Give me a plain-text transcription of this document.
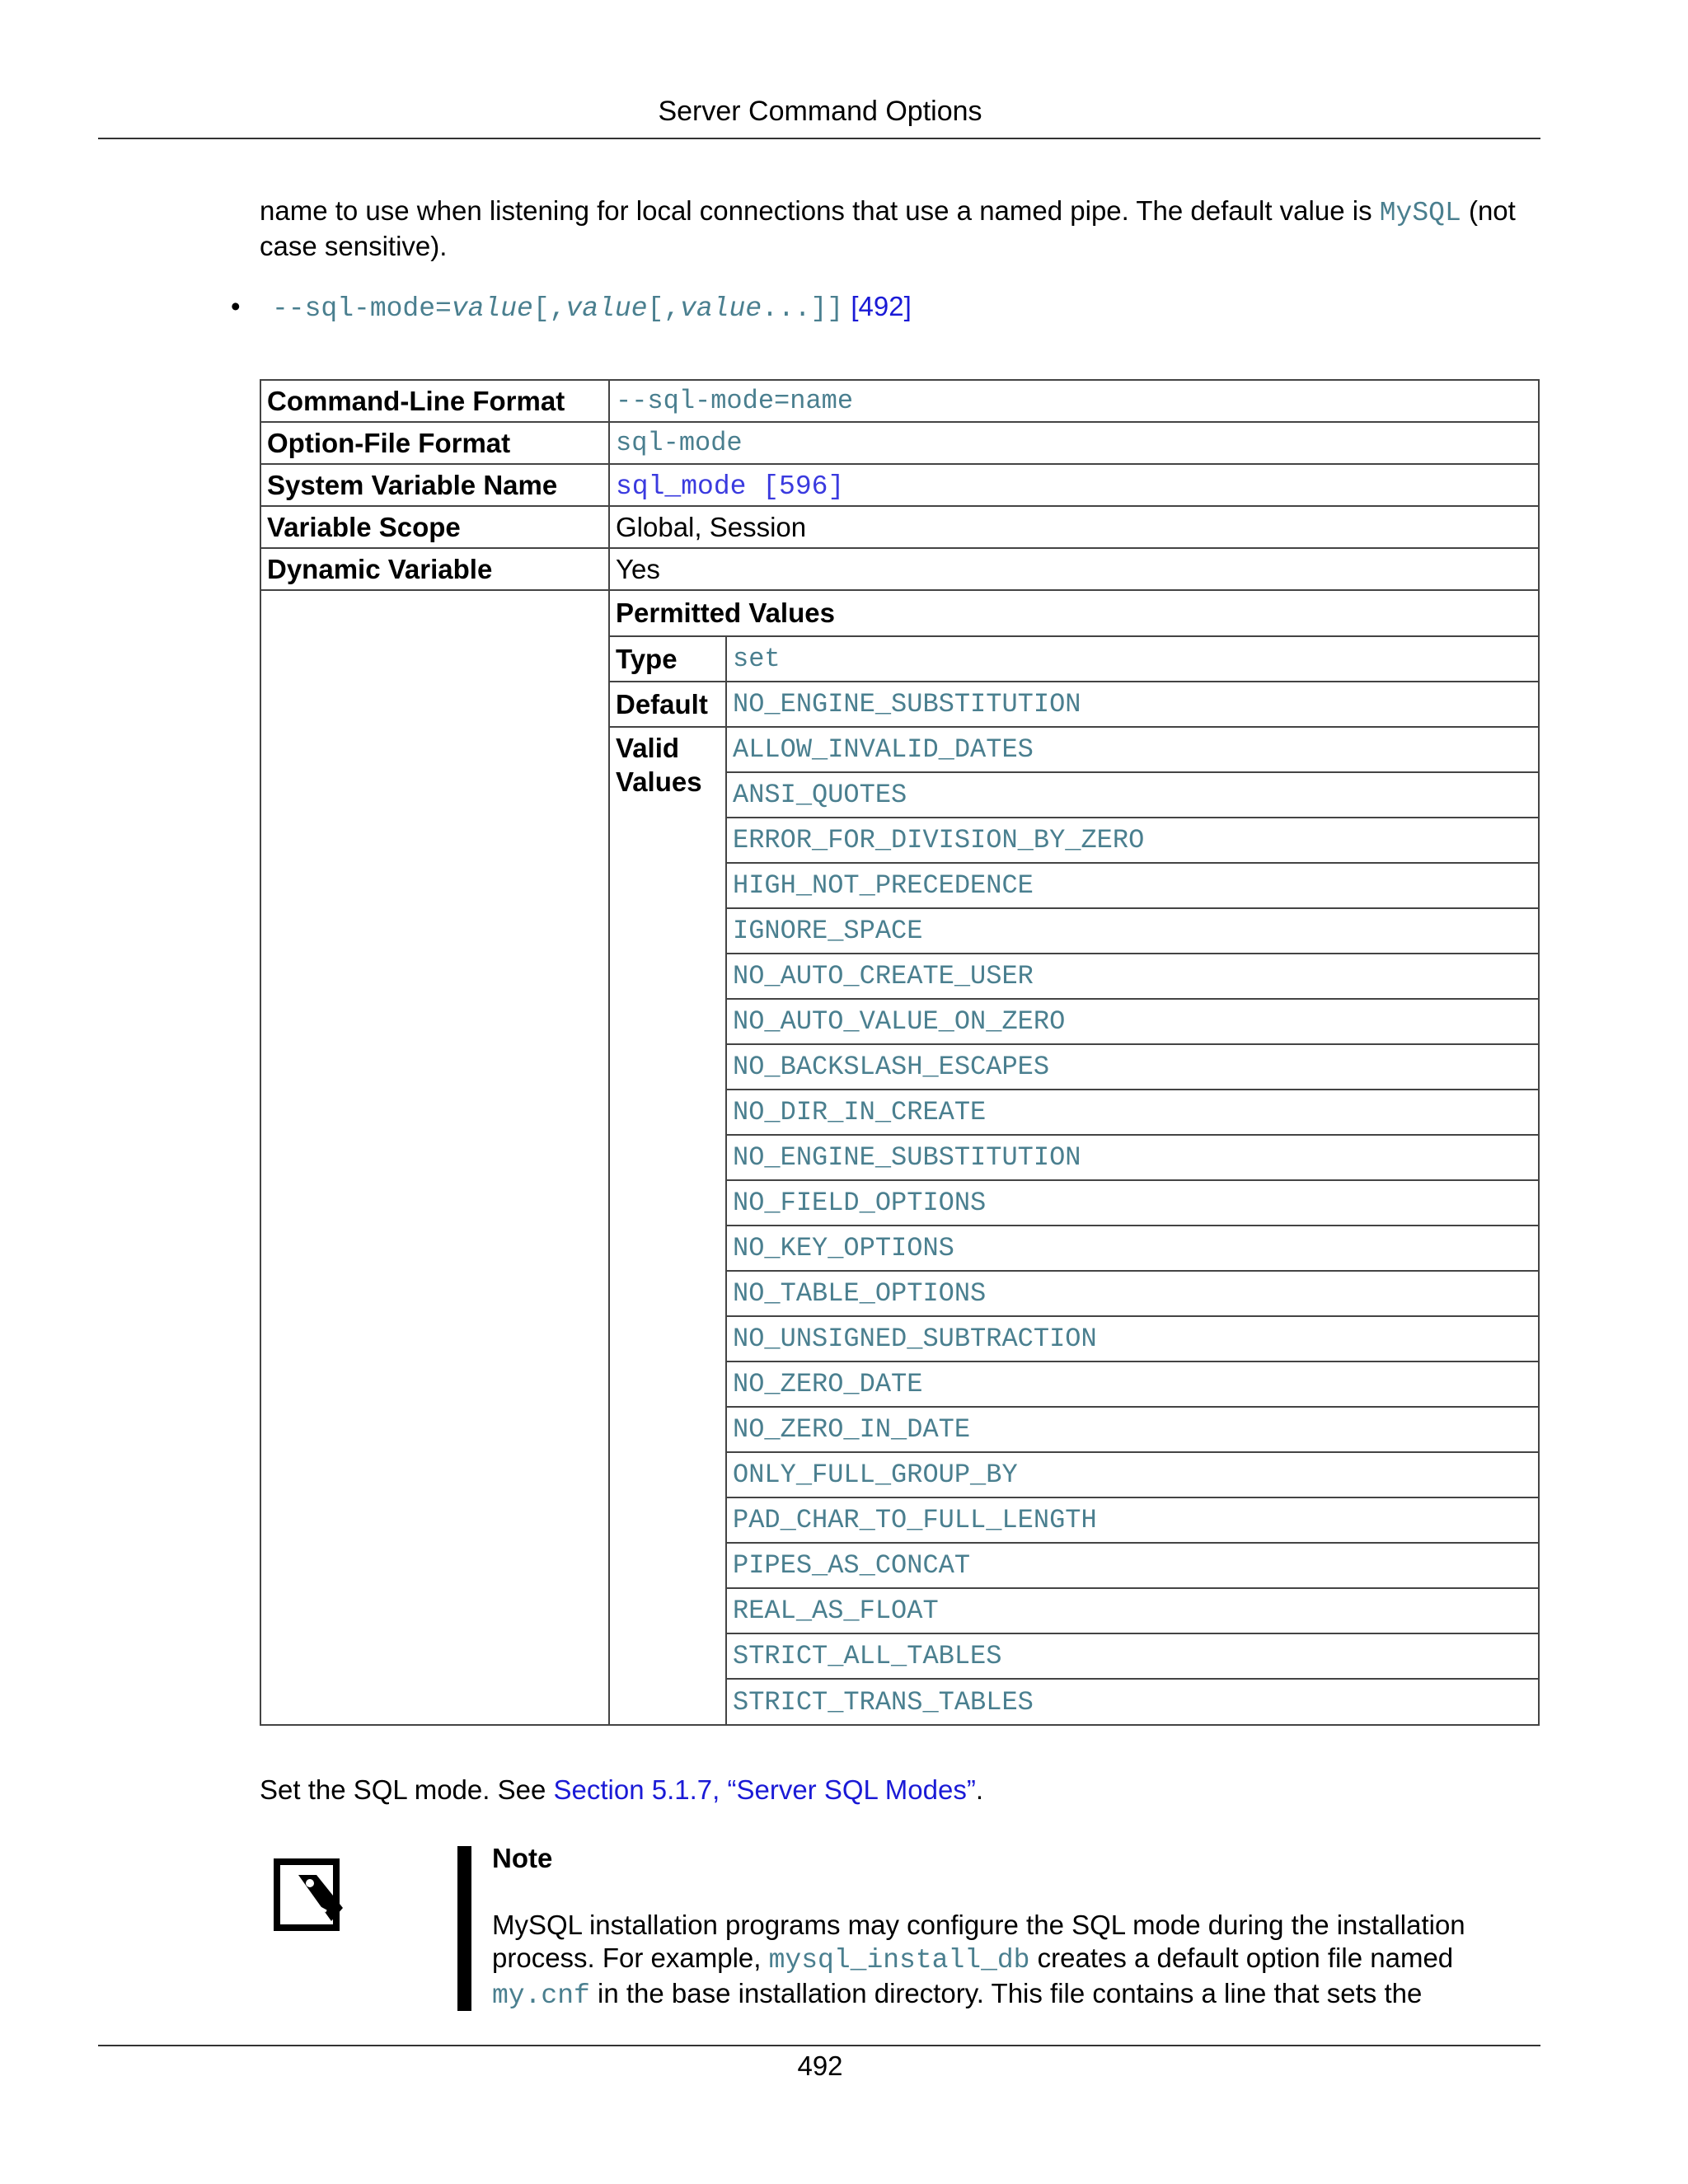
Server Command Options
name to use when listening for local connections that use a named pipe. The default value is MySQL (not case sensitive).
• --sql-mode=value[,value[,value...]] [492]
Command-Line Format	--sql-mode=name
Option-File Format	sql-mode
System Variable Name	sql_mode [596]
Variable Scope	Global, Session
Dynamic Variable	Yes

Permitted Values
Type	set
Default	NO_ENGINE_SUBSTITUTION
Valid Values	ALLOW_INVALID_DATES
ANSI_QUOTES
ERROR_FOR_DIVISION_BY_ZERO
HIGH_NOT_PRECEDENCE
IGNORE_SPACE
NO_AUTO_CREATE_USER
NO_AUTO_VALUE_ON_ZERO
NO_BACKSLASH_ESCAPES
NO_DIR_IN_CREATE
NO_ENGINE_SUBSTITUTION
NO_FIELD_OPTIONS
NO_KEY_OPTIONS
NO_TABLE_OPTIONS
NO_UNSIGNED_SUBTRACTION
NO_ZERO_DATE
NO_ZERO_IN_DATE
ONLY_FULL_GROUP_BY
PAD_CHAR_TO_FULL_LENGTH
PIPES_AS_CONCAT
REAL_AS_FLOAT
STRICT_ALL_TABLES
STRICT_TRANS_TABLES
Set the SQL mode. See Section 5.1.7, “Server SQL Modes”.
Note
MySQL installation programs may configure the SQL mode during the installation process. For example, mysql_install_db creates a default option file named my.cnf in the base installation directory. This file contains a line that sets the
492
